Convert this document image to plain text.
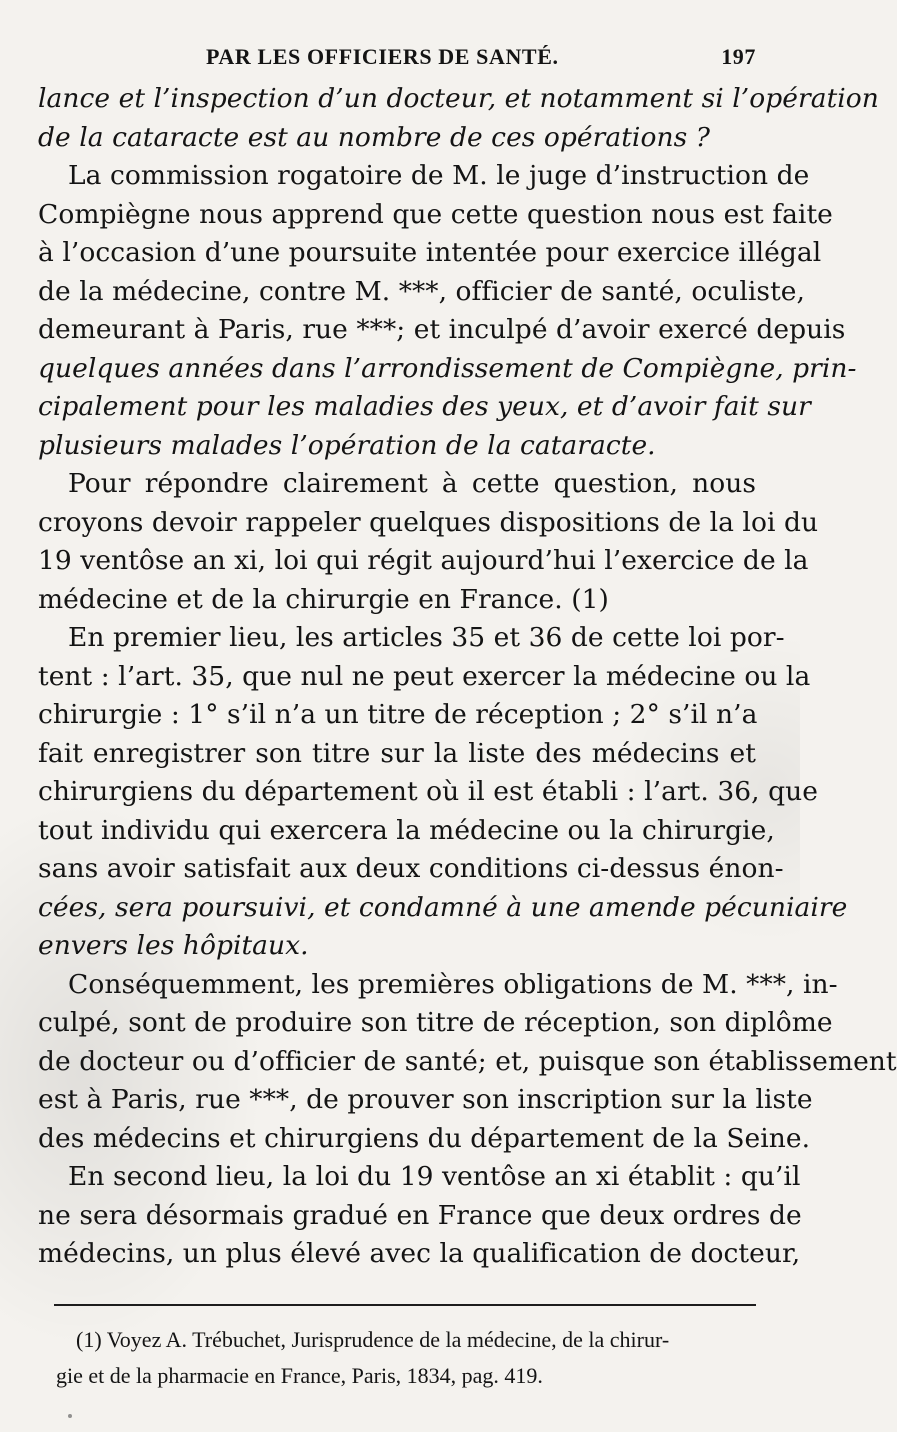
PAR LES OFFICIERS DE SANTÉ.	197
lance et l’inspection d’un docteur, et notamment si l’opération
de la cataracte est au nombre de ces opérations ?
La commission rogatoire de M. le juge d’instruction de
Compiègne nous apprend que cette question nous est faite
à l’occasion d’une poursuite intentée pour exercice illégal
de la médecine, contre M. ***, officier de santé, oculiste,
demeurant à Paris, rue ***; et inculpé d’avoir exercé depuis
quelques années dans l’arrondissement de Compiègne, prin-
cipalement pour les maladies des yeux, et d’avoir fait sur
plusieurs malades l’opération de la cataracte.
Pour répondre clairement à cette question, nous
croyons devoir rappeler quelques dispositions de la loi du
19 ventôse an xi, loi qui régit aujourd’hui l’exercice de la
médecine et de la chirurgie en France. (1)
En premier lieu, les articles 35 et 36 de cette loi por-
tent : l’art. 35, que nul ne peut exercer la médecine ou la
chirurgie : 1° s’il n’a un titre de réception ; 2° s’il n’a
fait enregistrer son titre sur la liste des médecins et
chirurgiens du département où il est établi : l’art. 36, que
tout individu qui exercera la médecine ou la chirurgie,
sans avoir satisfait aux deux conditions ci-dessus énon-
cées, sera poursuivi, et condamné à une amende pécuniaire
envers les hôpitaux.
Conséquemment, les premières obligations de M. ***, in-
culpé, sont de produire son titre de réception, son diplôme
de docteur ou d’officier de santé; et, puisque son établissement
est à Paris, rue ***, de prouver son inscription sur la liste
des médecins et chirurgiens du département de la Seine.
En second lieu, la loi du 19 ventôse an xi établit : qu’il
ne sera désormais gradué en France que deux ordres de
médecins, un plus élevé avec la qualification de docteur,
(1) Voyez A. Trébuchet, Jurisprudence de la médecine, de la chirur-
gie et de la pharmacie en France, Paris, 1834, pag. 419.
